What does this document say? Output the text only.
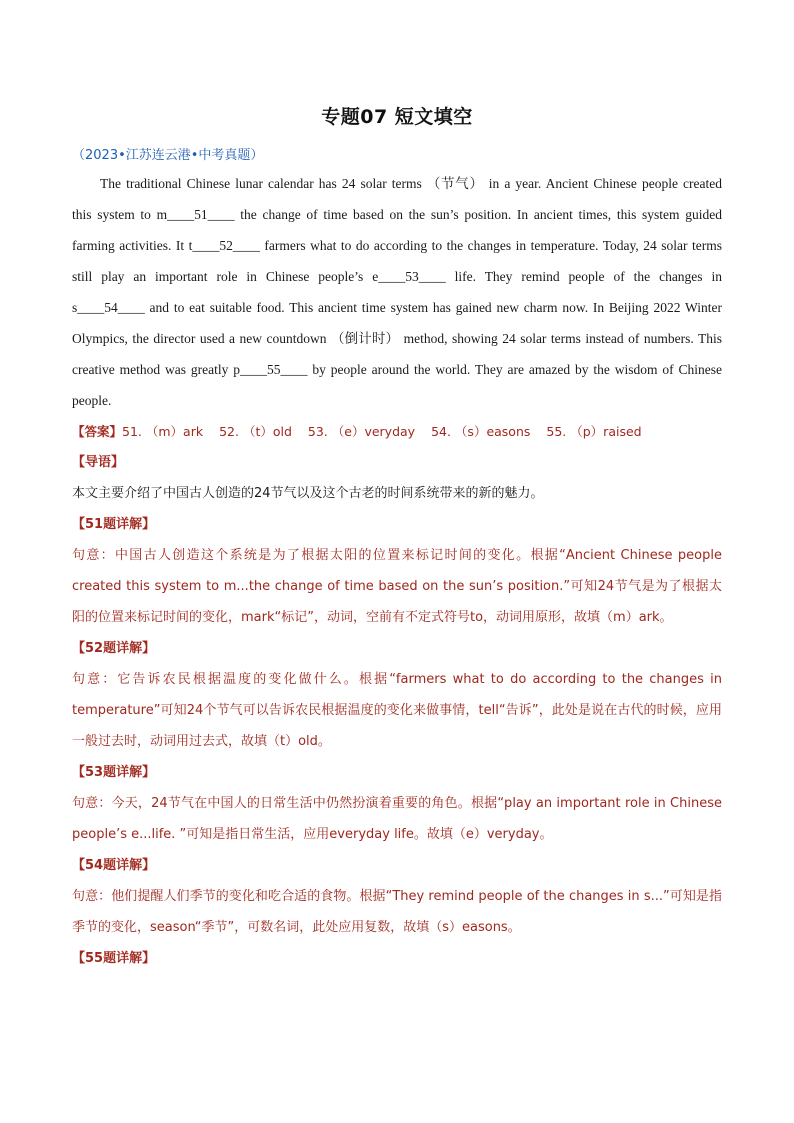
专题07 短文填空
（2023•江苏连云港•中考真题）

The traditional Chinese lunar calendar has 24 solar terms （节气） in a year. Ancient Chinese people created this system to m____51____ the change of time based on the sun’s position. In ancient times, this system guided farming activities. It t____52____ farmers what to do according to the changes in temperature. Today, 24 solar terms still play an important role in Chinese people’s e____53____ life. They remind people of the changes in s____54____ and to eat suitable food. This ancient time system has gained new charm now. In Beijing 2022 Winter Olympics, the director used a new countdown （倒计时） method, showing 24 solar terms instead of numbers. This creative method was greatly p____55____ by people around the world. They are amazed by the wisdom of Chinese people.

【答案】51. （m）ark 52. （t）old 53. （e）veryday 54. （s）easons 55. （p）raised

【导语】

本文主要介绍了中国古人创造的24节气以及这个古老的时间系统带来的新的魅力。

【51题详解】

句意：中国古人创造这个系统是为了根据太阳的位置来标记时间的变化。根据“Ancient Chinese people created this system to m...the change of time based on the sun’s position.”可知24节气是为了根据太阳的位置来标记时间的变化，mark“标记”，动词，空前有不定式符号to，动词用原形，故填（m）ark。

【52题详解】

句意：它告诉农民根据温度的变化做什么。根据“farmers what to do according to the changes in temperature”可知24个节气可以告诉农民根据温度的变化来做事情，tell“告诉”，此处是说在古代的时候，应用一般过去时，动词用过去式，故填（t）old。

【53题详解】

句意：今天，24节气在中国人的日常生活中仍然扮演着重要的角色。根据“play an important role in Chinese people’s e...life. ”可知是指日常生活，应用everyday life。故填（e）veryday。

【54题详解】

句意：他们提醒人们季节的变化和吃合适的食物。根据“They remind people of the changes in s...”可知是指季节的变化，season“季节”，可数名词，此处应用复数，故填（s）easons。

【55题详解】
